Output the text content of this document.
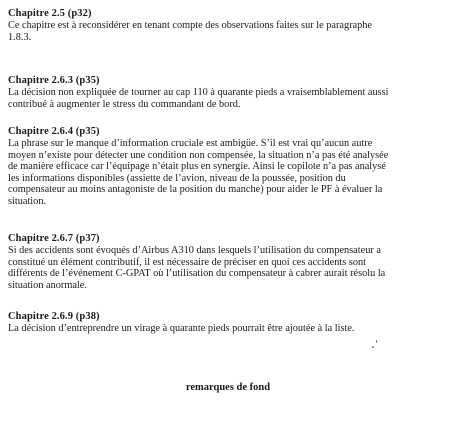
Chapitre 2.5 (p32)

Ce chapitre est à reconsidérer en tenant compte des observations faites sur le paragraphe
1.8.3.

Chapitre 2.6.3 (p35)

La décision non expliquée de tourner au cap 110 à quarante pieds a vraisemblablement aussi
contribué à augmenter le stress du commandant de bord.

Chapitre 2.6.4 (p35)

La phrase sur le manque d’information cruciale est ambigüe. S’il est vrai qu’aucun autre
moyen n’existe pour détecter une condition non compensée, la situation n’a pas été analysée
de manière efficace car l’équipage n’était plus en synergie. Ainsi le copilote n’a pas analysé
les informations disponibles (assiette de l’avion, niveau de la poussée, position du
compensateur au moins antagoniste de la position du manche) pour aider le PF à évaluer la
situation.

Chapitre 2.6.7 (p37)

Si des accidents sont évoqués d’Airbus A310 dans lesquels l’utilisation du compensateur a
constitué un élément contributif, il est nécessaire de préciser en quoi ces accidents sont
différents de l’événement C-GPAT où l’utilisation du compensateur à cabrer aurait résolu la
situation anormale.

Chapitre 2.6.9 (p38)

La décision d’entreprendre un virage à quarante pieds pourrait être ajoutée à la liste.

remarques de fond
